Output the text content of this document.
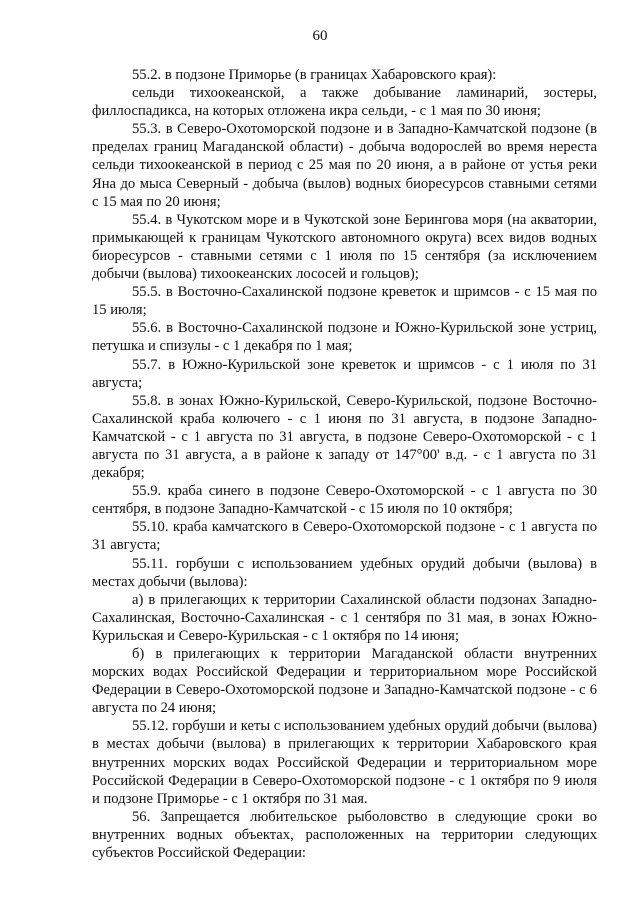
60

55.2. в подзоне Приморье (в границах Хабаровского края):

сельди тихоокеанской, а также добывание ламинарий, зостеры, филлоспадикса, на которых отложена икра сельди, - с 1 мая по 30 июня;

55.3. в Северо-Охотоморской подзоне и в Западно-Камчатской подзоне (в пределах границ Магаданской области) - добыча водорослей во время нереста сельди тихоокеанской в период с 25 мая по 20 июня, а в районе от устья реки Яна до мыса Северный - добыча (вылов) водных биоресурсов ставными сетями с 15 мая по 20 июня;

55.4. в Чукотском море и в Чукотской зоне Берингова моря (на акватории, примыкающей к границам Чукотского автономного округа) всех видов водных биоресурсов - ставными сетями с 1 июля по 15 сентября (за исключением добычи (вылова) тихоокеанских лососей и гольцов);

55.5. в Восточно-Сахалинской подзоне креветок и шримсов - с 15 мая по 15 июля;

55.6. в Восточно-Сахалинской подзоне и Южно-Курильской зоне устриц, петушка и спизулы - с 1 декабря по 1 мая;

55.7. в Южно-Курильской зоне креветок и шримсов - с 1 июля по 31 августа;

55.8. в зонах Южно-Курильской, Северо-Курильской, подзоне Восточно-Сахалинской краба колючего - с 1 июня по 31 августа, в подзоне Западно-Камчатской - с 1 августа по 31 августа, в подзоне Северо-Охотоморской - с 1 августа по 31 августа, а в районе к западу от 147°00' в.д. - с 1 августа по 31 декабря;

55.9. краба синего в подзоне Северо-Охотоморской - с 1 августа по 30 сентября, в подзоне Западно-Камчатской - с 15 июля по 10 октября;

55.10. краба камчатского в Северо-Охотоморской подзоне - с 1 августа по 31 августа;

55.11. горбуши с использованием удебных орудий добычи (вылова) в местах добычи (вылова):

а) в прилегающих к территории Сахалинской области подзонах Западно-Сахалинская, Восточно-Сахалинская - с 1 сентября по 31 мая, в зонах Южно-Курильская и Северо-Курильская - с 1 октября по 14 июня;

б) в прилегающих к территории Магаданской области внутренних морских водах Российской Федерации и территориальном море Российской Федерации в Северо-Охотоморской подзоне и Западно-Камчатской подзоне - с 6 августа по 24 июня;

55.12. горбуши и кеты с использованием удебных орудий добычи (вылова) в местах добычи (вылова) в прилегающих к территории Хабаровского края внутренних морских водах Российской Федерации и территориальном море Российской Федерации в Северо-Охотоморской подзоне - с 1 октября по 9 июля и подзоне Приморье - с 1 октября по 31 мая.

56. Запрещается любительское рыболовство в следующие сроки во внутренних водных объектах, расположенных на территории следующих субъектов Российской Федерации:
